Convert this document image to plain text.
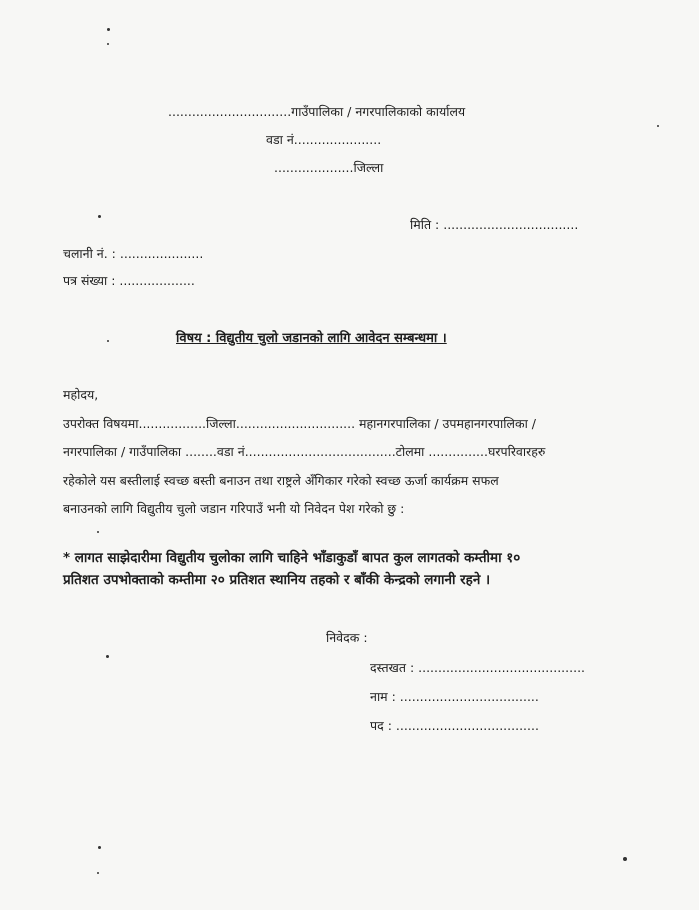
...............................गाउँपालिका / नगरपालिकाको कार्यालय
वडा नं......................
....................जिल्ला
मिति : ..................................
चलानी नं. : .....................
पत्र संख्या : ...................
विषय : विद्युतीय चुलो जडानको लागि आवेदन सम्बन्धमा ।
महोदय,
उपरोक्त विषयमा.................जिल्ला.............................. महानगरपालिका / उपमहानगरपालिका /
नगरपालिका / गाउँपालिका ........वडा नं......................................टोलमा ...............घरपरिवारहरु
रहेकोले यस बस्तीलाई स्वच्छ बस्ती बनाउन तथा राष्ट्रले अँगिकार गरेको स्वच्छ ऊर्जा कार्यक्रम सफल
बनाउनको लागि विद्युतीय चुलो जडान गरिपाउँ भनी यो निवेदन पेश गरेको छु :
* लागत साझेदारीमा विद्युतीय चुलोका लागि चाहिने भाँडाकुडाँ बापत कुल लागतको कम्तीमा १०
प्रतिशत उपभोक्ताको कम्तीमा २० प्रतिशत स्थानिय तहको र बाँकी केन्द्रको लगानी रहने ।
निवेदक :
दस्तखत : ..........................................
नाम : ...................................
पद : ....................................
